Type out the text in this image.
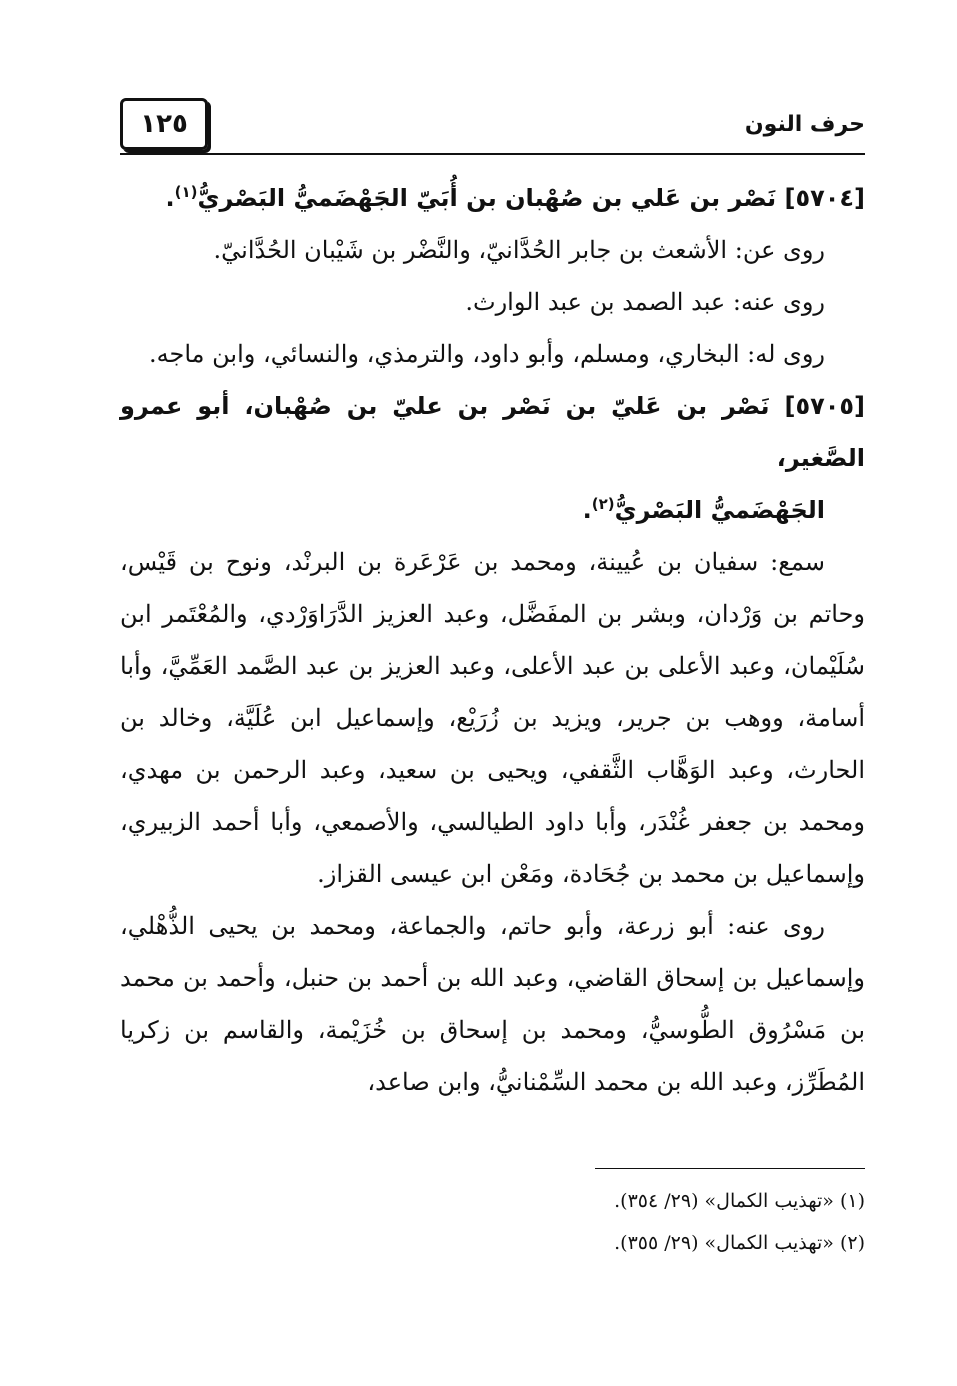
١٢٥	حرف النون

[٥٧٠٤] نَصْر بن عَلي بن صُهْبان بن أُبَيّ الجَهْضَميُّ البَصْريُّ$^{(١)}$.

روى عن: الأشعث بن جابر الحُدَّانيّ، والنَّضْر بن شَيْبان الحُدَّانيّ.

روى عنه: عبد الصمد بن عبد الوارث.

روى له: البخاري، ومسلم، وأبو داود، والترمذي، والنسائي، وابن ماجه.

[٥٧٠٥] نَصْر بن عَليّ بن نَصْر بن عليّ بن صُهْبان، أبو عمرو الصَّغير،
الجَهْضَميُّ البَصْريُّ$^{(٢)}$.

سمع: سفيان بن عُيينة، ومحمد بن عَرْعَرة بن البرنْد، ونوح بن قَيْس، وحاتم بن وَرْدان، وبشر بن المفَضَّل، وعبد العزيز الدَّرَاوَرْدي، والمُعْتَمر ابن سُلَيْمان، وعبد الأعلى بن عبد الأعلى، وعبد العزيز بن عبد الصَّمد العَمِّيَّ، وأبا أسامة، ووهب بن جرير، ويزيد بن زُرَيْع، وإسماعيل ابن عُلَيَّة، وخالد بن الحارث، وعبد الوَهَّاب الثَّقفي، ويحيى بن سعيد، وعبد الرحمن بن مهدي، ومحمد بن جعفر غُنْدَر، وأبا داود الطيالسي، والأصمعي، وأبا أحمد الزبيري، وإسماعيل بن محمد بن جُحَادة، ومَعْن ابن عيسى القزاز.

روى عنه: أبو زرعة، وأبو حاتم، والجماعة، ومحمد بن يحيى الذُّهْلي، وإسماعيل بن إسحاق القاضي، وعبد الله بن أحمد بن حنبل، وأحمد بن محمد بن مَسْرُوق الطُّوسيُّ، ومحمد بن إسحاق بن خُزَيْمة، والقاسم بن زكريا المُطَرِّز، وعبد الله بن محمد السِّمْنانيُّ، وابن صاعد،

(١) «تهذيب الكمال» (٢٩/ ٣٥٤).

(٢) «تهذيب الكمال» (٢٩/ ٣٥٥).
